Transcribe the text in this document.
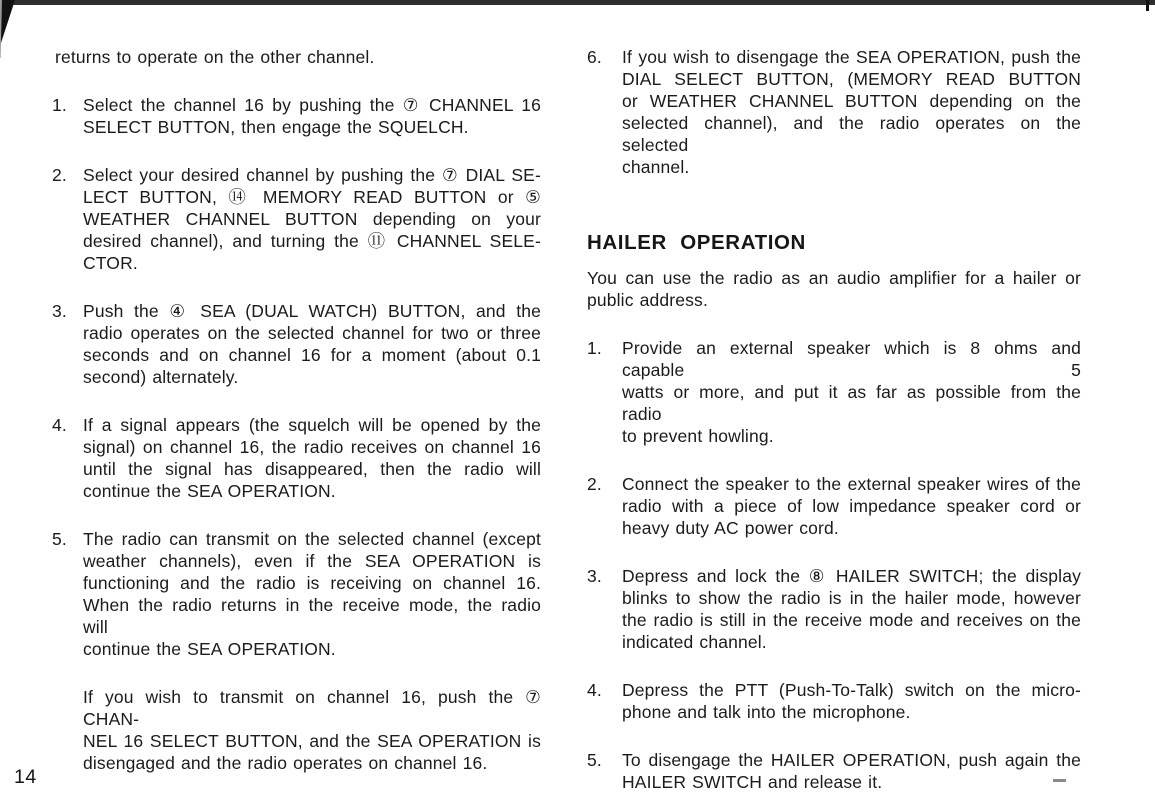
returns to operate on the other channel.
1. Select the channel 16 by pushing the ⑦ CHANNEL 16
SELECT BUTTON, then engage the SQUELCH.
2. Select your desired channel by pushing the ⑦ DIAL SE-
LECT BUTTON, ⑭ MEMORY READ BUTTON or ⑤
WEATHER CHANNEL BUTTON depending on your
desired channel), and turning the ⑪ CHANNEL SELE-
CTOR.
3. Push the ④ SEA (DUAL WATCH) BUTTON, and the
radio operates on the selected channel for two or three
seconds and on channel 16 for a moment (about 0.1
second) alternately.
4. If a signal appears (the squelch will be opened by the
signal) on channel 16, the radio receives on channel 16
until the signal has disappeared, then the radio will
continue the SEA OPERATION.
5. The radio can transmit on the selected channel (except
weather channels), even if the SEA OPERATION is
functioning and the radio is receiving on channel 16.
When the radio returns in the receive mode, the radio will
continue the SEA OPERATION.
If you wish to transmit on channel 16, push the ⑦ CHAN-
NEL 16 SELECT BUTTON, and the SEA OPERATION is
disengaged and the radio operates on channel 16.
6.	If you wish to disengage the SEA OPERATION, push the
DIAL SELECT BUTTON, (MEMORY READ BUTTON
or WEATHER CHANNEL BUTTON depending on the
selected channel), and the radio operates on the selected
channel.
HAILER OPERATION
You can use the radio as an audio amplifier for a hailer or
public address.
1.	Provide an external speaker which is 8 ohms and capable 5
watts or more, and put it as far as possible from the radio
to prevent howling.
2.	Connect the speaker to the external speaker wires of the
radio with a piece of low impedance speaker cord or
heavy duty AC power cord.
3.	Depress and lock the ⑧ HAILER SWITCH; the display
blinks to show the radio is in the hailer mode, however
the radio is still in the receive mode and receives on the
indicated channel.
4.	Depress the PTT (Push-To-Talk) switch on the micro-
phone and talk into the microphone.
5.	To disengage the HAILER OPERATION, push again the
HAILER SWITCH and release it.
14
